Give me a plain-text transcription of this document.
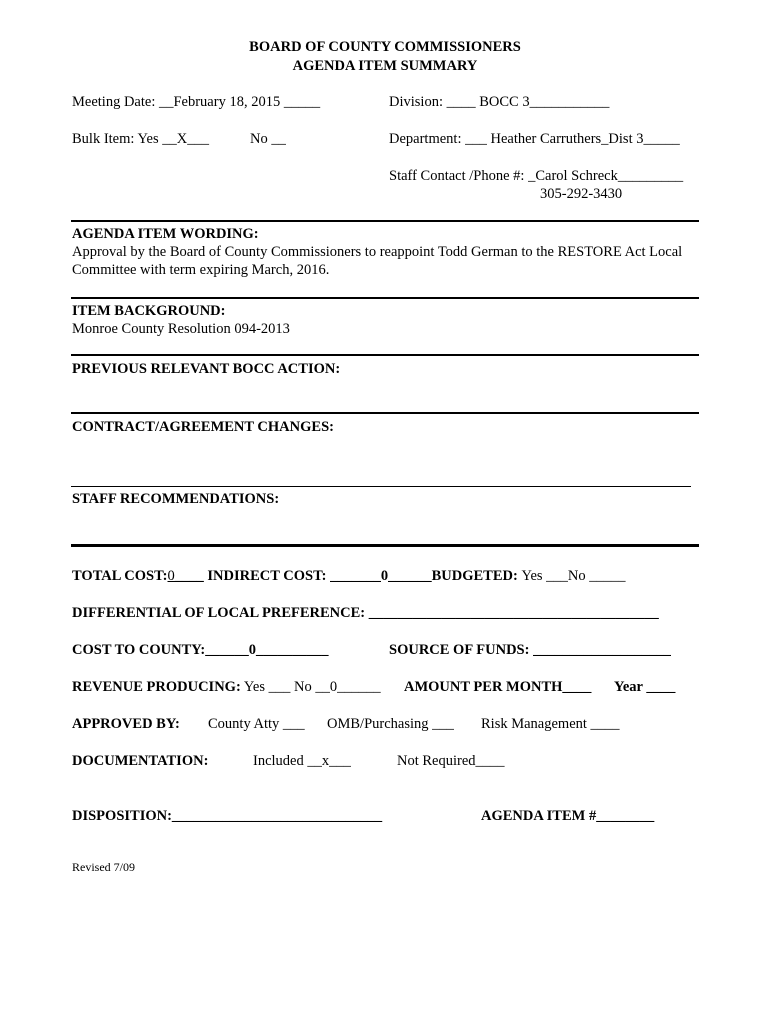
BOARD OF COUNTY COMMISSIONERS
AGENDA ITEM SUMMARY
Meeting Date: __February 18, 2015 _____	Division: ____ BOCC 3___________
Bulk Item: Yes __X___	No __	Department: ___ Heather Carruthers_Dist 3_____
Staff Contact /Phone #: _Carol Schreck_________
305-292-3430
AGENDA ITEM WORDING:
Approval by the Board of County Commissioners to reappoint Todd German to the RESTORE Act Local Committee with term expiring March, 2016.
ITEM BACKGROUND:
Monroe County Resolution 094-2013
PREVIOUS RELEVANT BOCC ACTION:
CONTRACT/AGREEMENT CHANGES:
STAFF RECOMMENDATIONS:
TOTAL COST:0____ INDIRECT COST: _______0______BUDGETED: Yes ___No _____
DIFFERENTIAL OF LOCAL PREFERENCE: ________________________________________
COST TO COUNTY:______0__________	SOURCE OF FUNDS: ___________________
REVENUE PRODUCING: Yes ___ No __0______ AMOUNT PER MONTH____ Year ____
APPROVED BY: County Atty ___ OMB/Purchasing ___ Risk Management ____
DOCUMENTATION:	Included __x___	Not Required____
DISPOSITION:_____________________________	AGENDA ITEM #________
Revised 7/09
